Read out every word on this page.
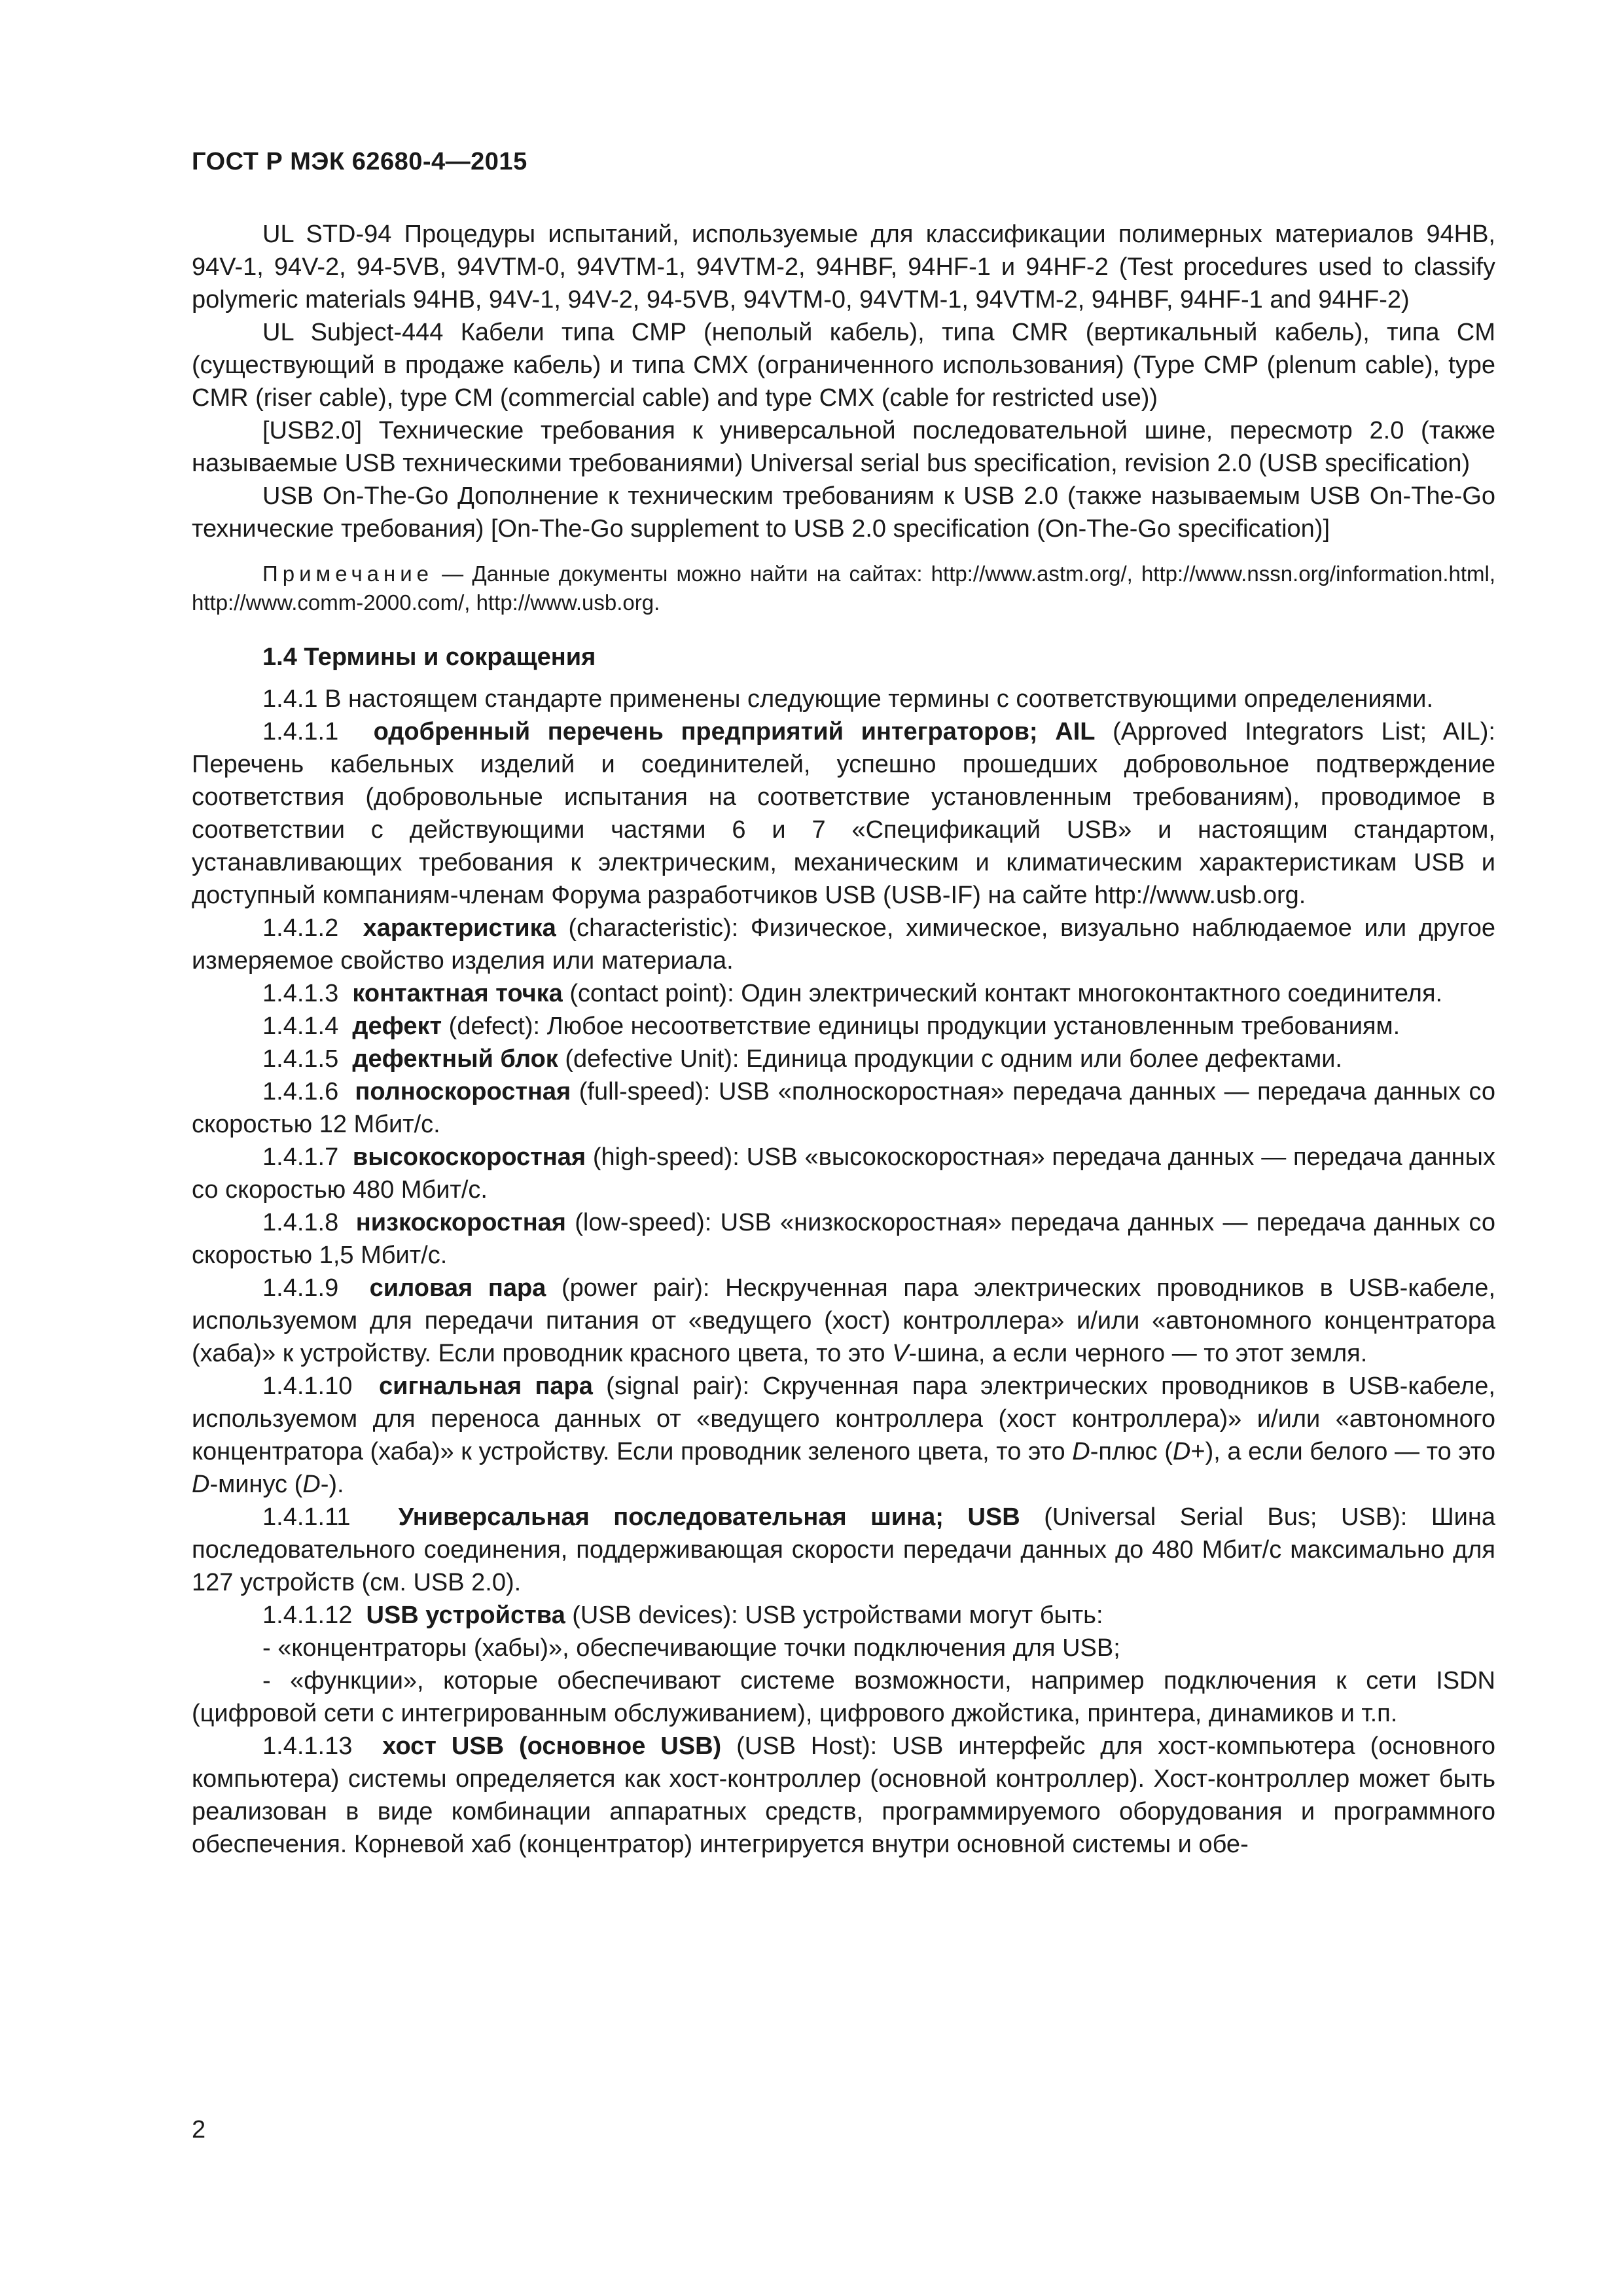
ГОСТ Р МЭК 62680-4—2015

UL STD-94 Процедуры испытаний, используемые для классификации полимерных материалов 94HB, 94V-1, 94V-2, 94-5VB, 94VTM-0, 94VTM-1, 94VTM-2, 94HBF, 94HF-1 и 94HF-2 (Test procedures used to classify polymeric materials 94HB, 94V-1, 94V-2, 94-5VB, 94VTM-0, 94VTM-1, 94VTM-2, 94HBF, 94HF-1 and 94HF-2)

UL Subject-444 Кабели типа CMP (неполый кабель), типа CMR (вертикальный кабель), типа CM (существующий в продаже кабель) и типа CMX (ограниченного использования) (Type CMP (plenum cable), type CMR (riser cable), type CM (commercial cable) and type CMX (cable for restricted use))

[USB2.0] Технические требования к универсальной последовательной шине, пересмотр 2.0 (также называемые USB техническими требованиями) Universal serial bus specification, revision 2.0 (USB specification)

USB On-The-Go Дополнение к техническим требованиям к USB 2.0 (также называемым USB On-The-Go технические требования) [On-The-Go supplement to USB 2.0 specification (On-The-Go specification)]

Примечание — Данные документы можно найти на сайтах: http://www.astm.org/, http://www.nssn.org/information.html, http://www.comm-2000.com/, http://www.usb.org.

1.4 Термины и сокращения

1.4.1 В настоящем стандарте применены следующие термины с соответствующими определениями.

1.4.1.1 одобренный перечень предприятий интеграторов; AIL (Approved Integrators List; AIL): Перечень кабельных изделий и соединителей, успешно прошедших добровольное подтверждение соответствия (добровольные испытания на соответствие установленным требованиям), проводимое в соответствии с действующими частями 6 и 7 «Спецификаций USB» и настоящим стандартом, устанавливающих требования к электрическим, механическим и климатическим характеристикам USB и доступный компаниям-членам Форума разработчиков USB (USB-IF) на сайте http://www.usb.org.

1.4.1.2 характеристика (characteristic): Физическое, химическое, визуально наблюдаемое или другое измеряемое свойство изделия или материала.

1.4.1.3 контактная точка (contact point): Один электрический контакт многоконтактного соединителя.

1.4.1.4 дефект (defect): Любое несоответствие единицы продукции установленным требованиям.

1.4.1.5 дефектный блок (defective Unit): Единица продукции с одним или более дефектами.

1.4.1.6 полноскоростная (full-speed): USB «полноскоростная» передача данных — передача данных со скоростью 12 Мбит/с.

1.4.1.7 высокоскоростная (high-speed): USB «высокоскоростная» передача данных — передача данных со скоростью 480 Мбит/с.

1.4.1.8 низкоскоростная (low-speed): USB «низкоскоростная» передача данных — передача данных со скоростью 1,5 Мбит/с.

1.4.1.9 силовая пара (power pair): Нескрученная пара электрических проводников в USB-кабеле, используемом для передачи питания от «ведущего (хост) контроллера» и/или «автономного концентратора (хаба)» к устройству. Если проводник красного цвета, то это V-шина, а если черного — то этот земля.

1.4.1.10 сигнальная пара (signal pair): Скрученная пара электрических проводников в USB-кабеле, используемом для переноса данных от «ведущего контроллера (хост контроллера)» и/или «автономного концентратора (хаба)» к устройству. Если проводник зеленого цвета, то это D-плюс (D+), а если белого — то это D-минус (D-).

1.4.1.11 Универсальная последовательная шина; USB (Universal Serial Bus; USB): Шина последовательного соединения, поддерживающая скорости передачи данных до 480 Мбит/с максимально для 127 устройств (см. USB 2.0).

1.4.1.12 USB устройства (USB devices): USB устройствами могут быть:

- «концентраторы (хабы)», обеспечивающие точки подключения для USB;

- «функции», которые обеспечивают системе возможности, например подключения к сети ISDN (цифровой сети с интегрированным обслуживанием), цифрового джойстика, принтера, динамиков и т.п.

1.4.1.13 хост USB (основное USB) (USB Host): USB интерфейс для хост-компьютера (основного компьютера) системы определяется как хост-контроллер (основной контроллер). Хост-контроллер может быть реализован в виде комбинации аппаратных средств, программируемого оборудования и программного обеспечения. Корневой хаб (концентратор) интегрируется внутри основной системы и обе-

2
